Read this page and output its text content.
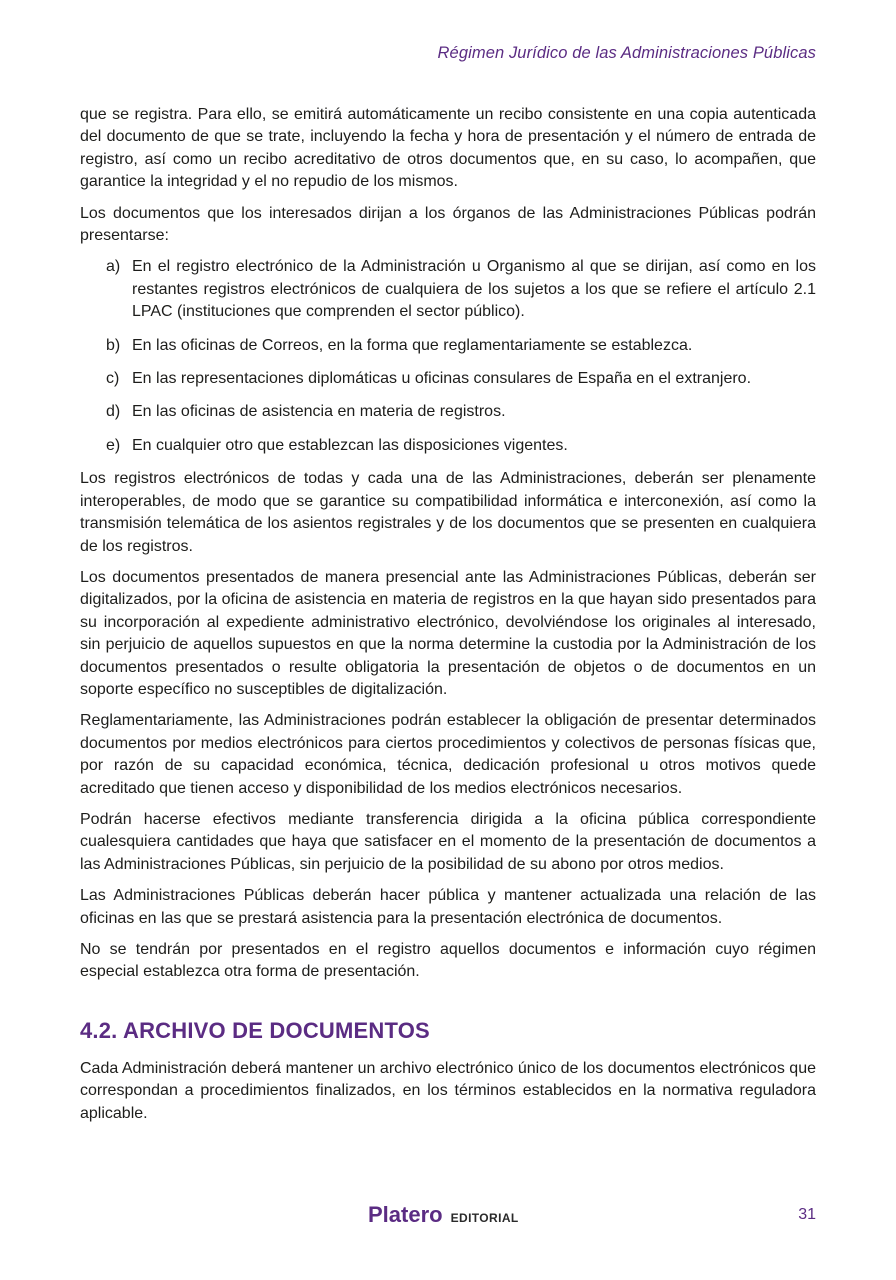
Régimen Jurídico de las Administraciones Públicas

que se registra. Para ello, se emitirá automáticamente un recibo consistente en una copia autenticada del documento de que se trate, incluyendo la fecha y hora de presentación y el número de entrada de registro, así como un recibo acreditativo de otros documentos que, en su caso, lo acompañen, que garantice la integridad y el no repudio de los mismos.

Los documentos que los interesados dirijan a los órganos de las Administraciones Públicas podrán presentarse:

a) En el registro electrónico de la Administración u Organismo al que se dirijan, así como en los restantes registros electrónicos de cualquiera de los sujetos a los que se refiere el artículo 2.1 LPAC (instituciones que comprenden el sector público).
b) En las oficinas de Correos, en la forma que reglamentariamente se establezca.
c) En las representaciones diplomáticas u oficinas consulares de España en el extranjero.
d) En las oficinas de asistencia en materia de registros.
e) En cualquier otro que establezcan las disposiciones vigentes.

Los registros electrónicos de todas y cada una de las Administraciones, deberán ser plenamente interoperables, de modo que se garantice su compatibilidad informática e interconexión, así como la transmisión telemática de los asientos registrales y de los documentos que se presenten en cualquiera de los registros.

Los documentos presentados de manera presencial ante las Administraciones Públicas, deberán ser digitalizados, por la oficina de asistencia en materia de registros en la que hayan sido presentados para su incorporación al expediente administrativo electrónico, devolviéndose los originales al interesado, sin perjuicio de aquellos supuestos en que la norma determine la custodia por la Administración de los documentos presentados o resulte obligatoria la presentación de objetos o de documentos en un soporte específico no susceptibles de digitalización.

Reglamentariamente, las Administraciones podrán establecer la obligación de presentar determinados documentos por medios electrónicos para ciertos procedimientos y colectivos de personas físicas que, por razón de su capacidad económica, técnica, dedicación profesional u otros motivos quede acreditado que tienen acceso y disponibilidad de los medios electrónicos necesarios.

Podrán hacerse efectivos mediante transferencia dirigida a la oficina pública correspondiente cualesquiera cantidades que haya que satisfacer en el momento de la presentación de documentos a las Administraciones Públicas, sin perjuicio de la posibilidad de su abono por otros medios.

Las Administraciones Públicas deberán hacer pública y mantener actualizada una relación de las oficinas en las que se prestará asistencia para la presentación electrónica de documentos.

No se tendrán por presentados en el registro aquellos documentos e información cuyo régimen especial establezca otra forma de presentación.

4.2. ARCHIVO DE DOCUMENTOS

Cada Administración deberá mantener un archivo electrónico único de los documentos electrónicos que correspondan a procedimientos finalizados, en los términos establecidos en la normativa reguladora aplicable.

Platero EDITORIAL	31
